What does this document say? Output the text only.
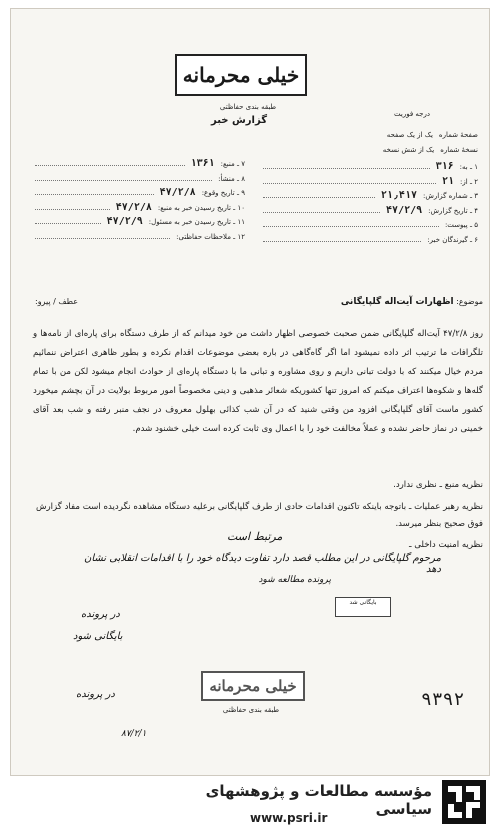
خیلی محرمانه
طبقه بندی حفاظتی
گزارش خبر
درجه فوریت
صفحهٔ شماره
یک از یک صفحه
نسخهٔ شماره
یک از شش نسخه
۱ ـ به:
۳۱۶
۲ ـ از:
۲۱
۳ ـ شماره گزارش:
۲۱٫۴۱۷
۴ ـ تاریخ گزارش:
۴۷/۲/۹
۵ ـ پیوست:
۶ ـ گیرندگان خبر:
۷ ـ منبع:
۱۳۶۱
۸ ـ منشأ:
۹ ـ تاریخ وقوع:
۴۷/۲/۸
۱۰ ـ تاریخ رسیدن خبر به منبع:
۴۷/۲/۸
۱۱ ـ تاریخ رسیدن خبر به مسئول:
۴۷/۲/۹
۱۲ ـ ملاحظات حفاظتی:
موضوع: اظهارات آیت‌اله گلپایگانی
عطف / پیرو:
روز ۴۷/۲/۸ آیت‌اله گلپایگانی ضمن صحبت خصوصی اظهار داشت من خود میدانم که از طرف دستگاه برای پاره‌ای از نامه‌ها و تلگرافات ما ترتیب اثر داده نمیشود اما اگر گاه‌گاهی در باره بعضی موضوعات اقدام نکرده و بطور ظاهری اعتراض ننمائیم مردم خیال میکنند که با دولت تبانی داریم و روی مشاوره و تبانی ما با دستگاه پاره‌ای از حوادث انجام میشود لکن من با تمام گله‌ها و شکوه‌ها اعتراف میکنم که امروز تنها کشوریکه شعائر مذهبی و دینی مخصوصاً امور مربوط بولایت در آن بچشم میخورد کشور ماست آقای گلپایگانی افزود من وقتی شنید که در آن شب کذائی بهلول معروف در نجف منبر رفته و شب بعد آقای خمینی در نماز حاضر نشده و عملاً مخالفت خود را با اعمال وی ثابت کرده است خیلی خشنود شدم.
نظریه منبع ـ نظری ندارد.
نظریه رهبر عملیات ـ باتوجه باینکه تاکنون اقدامات حادی از طرف گلپایگانی برعلیه دستگاه مشاهده نگردیده است مفاد گزارش فوق صحیح بنظر میرسد.
نظریه امنیت داخلی ـ
مرتبط است
مرحوم گلپایگانی در این مطلب قصد دارد تفاوت دیدگاه خود را با اقدامات انقلابی نشان دهد
پرونده مطالعه شود
در پرونده
بایگانی شود
در پرونده
۸۷/۲/۱
بایگانی شد
۹۳۹۲
خیلی محرمانه
طبقه بندی حفاظتی
مؤسسه مطالعات و پژوهشهای سیاسی
www.psri.ir
